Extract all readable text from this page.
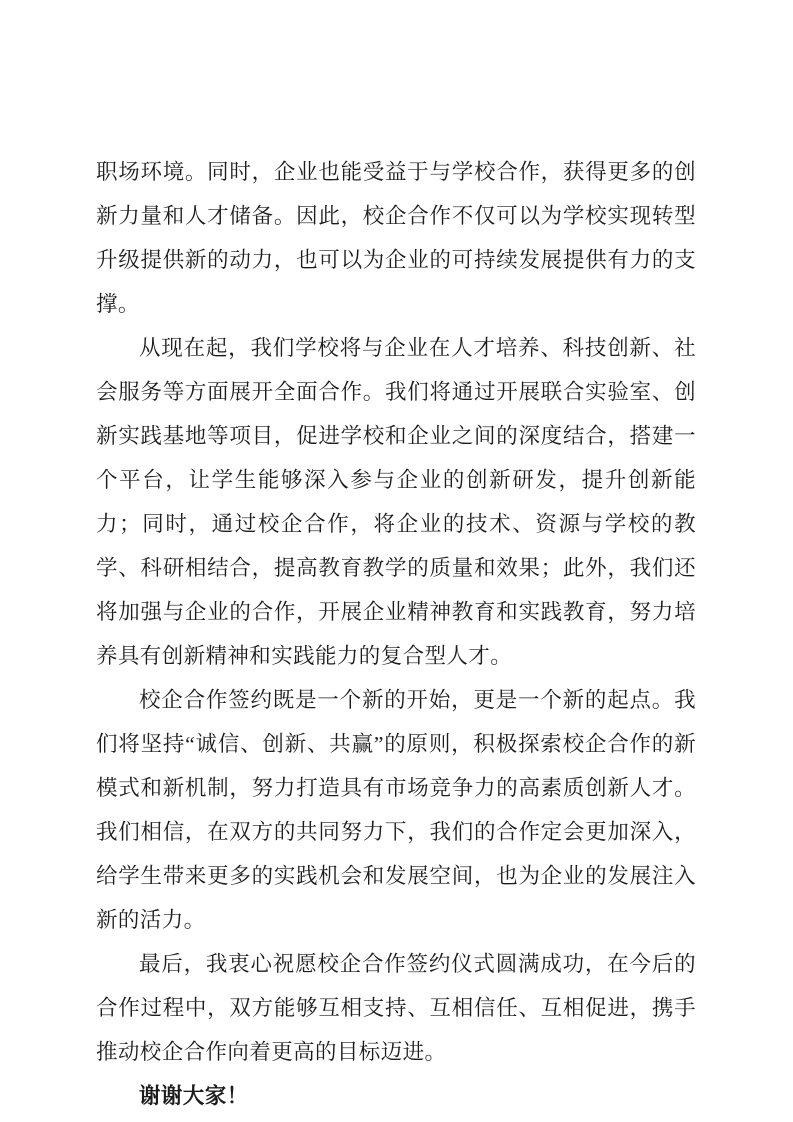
职场环境。同时，企业也能受益于与学校合作，获得更多的创新力量和人才储备。因此，校企合作不仅可以为学校实现转型升级提供新的动力，也可以为企业的可持续发展提供有力的支撑。

从现在起，我们学校将与企业在人才培养、科技创新、社会服务等方面展开全面合作。我们将通过开展联合实验室、创新实践基地等项目，促进学校和企业之间的深度结合，搭建一个平台，让学生能够深入参与企业的创新研发，提升创新能力；同时，通过校企合作，将企业的技术、资源与学校的教学、科研相结合，提高教育教学的质量和效果；此外，我们还将加强与企业的合作，开展企业精神教育和实践教育，努力培养具有创新精神和实践能力的复合型人才。

校企合作签约既是一个新的开始，更是一个新的起点。我们将坚持“诚信、创新、共赢”的原则，积极探索校企合作的新模式和新机制，努力打造具有市场竞争力的高素质创新人才。我们相信，在双方的共同努力下，我们的合作定会更加深入，给学生带来更多的实践机会和发展空间，也为企业的发展注入新的活力。

最后，我衷心祝愿校企合作签约仪式圆满成功，在今后的合作过程中，双方能够互相支持、互相信任、互相促进，携手推动校企合作向着更高的目标迈进。

谢谢大家！
